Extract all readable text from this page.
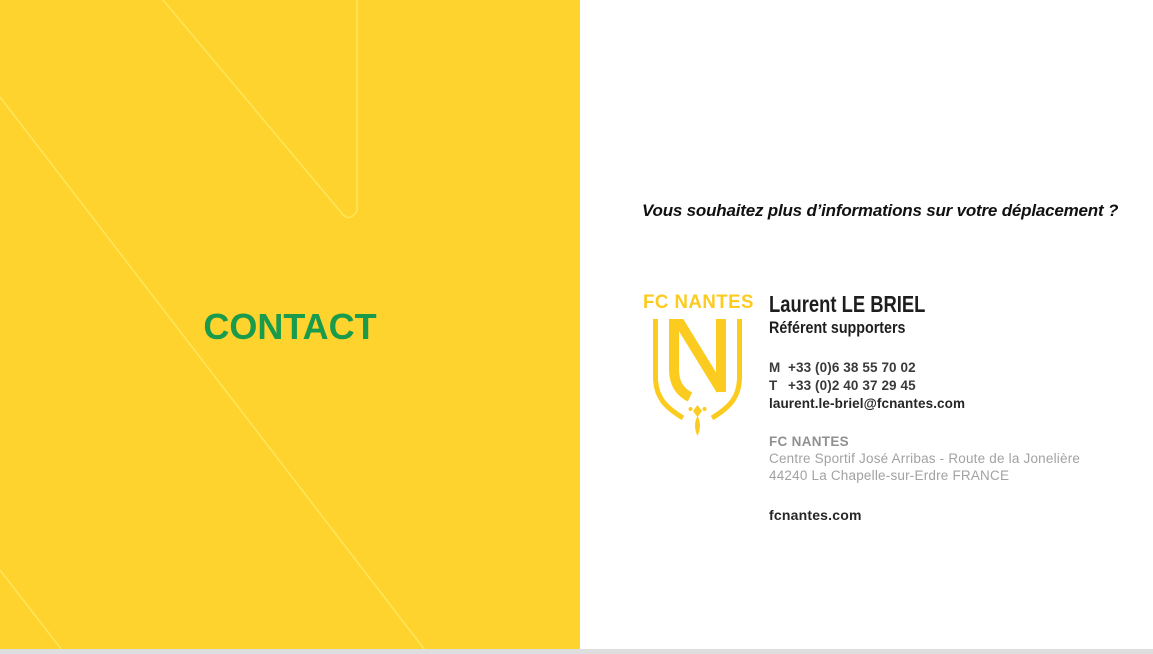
CONTACT

Vous souhaitez plus d’informations sur votre déplacement ?

FC NANTES Laurent LE BRIEL
Référent supporters
M +33 (0)6 38 55 70 02
T +33 (0)2 40 37 29 45
laurent.le-briel@fcnantes.com
FC NANTES
Centre Sportif José Arribas - Route de la Jonelière
44240 La Chapelle-sur-Erdre FRANCE
fcnantes.com
